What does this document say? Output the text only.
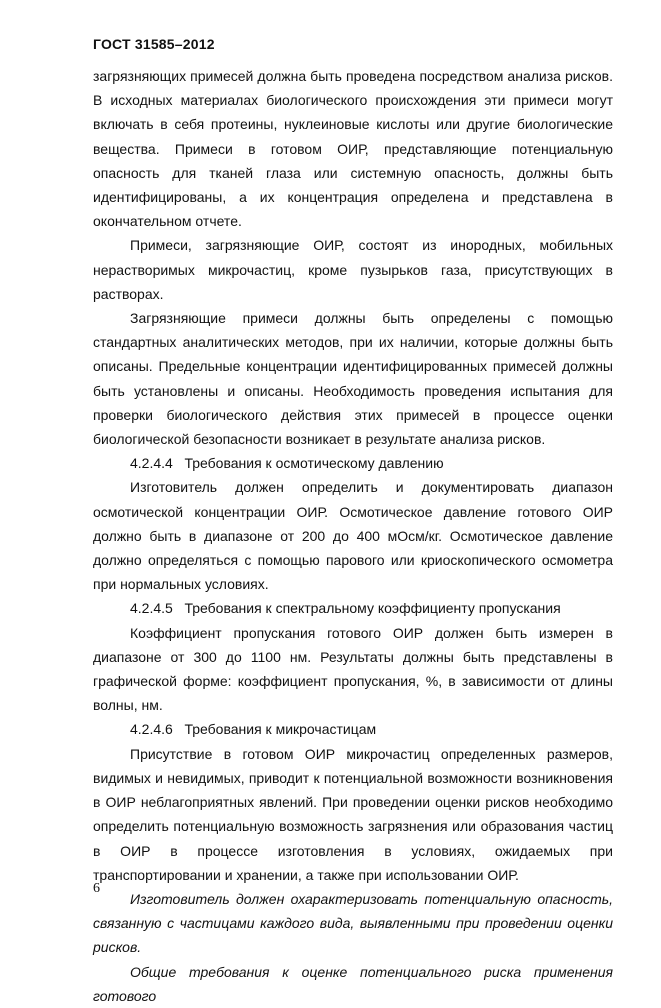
ГОСТ 31585–2012

загрязняющих примесей должна быть проведена посредством анализа рисков. В исходных материалах биологического происхождения эти примеси могут включать в себя протеины, нуклеиновые кислоты или другие биологические вещества. Примеси в готовом ОИР, представляющие потенциальную опасность для тканей глаза или системную опасность, должны быть идентифицированы, а их концентрация определена и представлена в окончательном отчете.

Примеси, загрязняющие ОИР, состоят из инородных, мобильных нерастворимых микрочастиц, кроме пузырьков газа, присутствующих в растворах.

Загрязняющие примеси должны быть определены с помощью стандартных аналитических методов, при их наличии, которые должны быть описаны. Предельные концентрации идентифицированных примесей должны быть установлены и описаны. Необходимость проведения испытания для проверки биологического действия этих примесей в процессе оценки биологической безопасности возникает в результате анализа рисков.

4.2.4.4   Требования к осмотическому давлению

Изготовитель должен определить и документировать диапазон осмотической концентрации ОИР. Осмотическое давление готового ОИР должно быть в диапазоне от 200 до 400 мОсм/кг. Осмотическое давление должно определяться с помощью парового или криоскопического осмометра при нормальных условиях.

4.2.4.5   Требования к спектральному коэффициенту пропускания

Коэффициент пропускания готового ОИР должен быть измерен в диапазоне от 300 до 1100 нм. Результаты должны быть представлены в графической форме: коэффициент пропускания, %, в зависимости от длины волны, нм.

4.2.4.6   Требования к микрочастицам

Присутствие в готовом ОИР микрочастиц определенных размеров, видимых и невидимых, приводит к потенциальной возможности возникновения в ОИР неблагоприятных явлений. При проведении оценки рисков необходимо определить потенциальную возможность загрязнения или образования частиц в ОИР в процессе изготовления в условиях, ожидаемых при транспортировании и хранении, а также при использовании ОИР.

Изготовитель должен охарактеризовать потенциальную опасность, связанную с частицами каждого вида, выявленными при проведении оценки рисков.

Общие требования к оценке потенциального риска применения готового

6
